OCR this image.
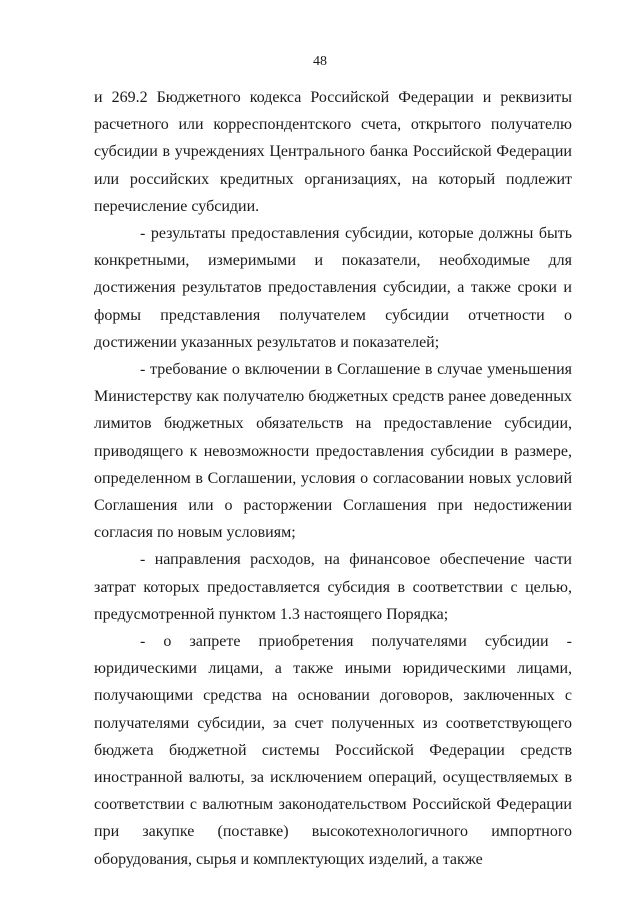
48

и 269.2 Бюджетного кодекса Российской Федерации и реквизиты расчетного или корреспондентского счета, открытого получателю субсидии в учреждениях Центрального банка Российской Федерации или российских кредитных организациях, на который подлежит перечисление субсидии.

- результаты предоставления субсидии, которые должны быть конкретными, измеримыми и показатели, необходимые для достижения результатов предоставления субсидии, а также сроки и формы представления получателем субсидии отчетности о достижении указанных результатов и показателей;

- требование о включении в Соглашение в случае уменьшения Министерству как получателю бюджетных средств ранее доведенных лимитов бюджетных обязательств на предоставление субсидии, приводящего к невозможности предоставления субсидии в размере, определенном в Соглашении, условия о согласовании новых условий Соглашения или о расторжении Соглашения при недостижении согласия по новым условиям;

- направления расходов, на финансовое обеспечение части затрат которых предоставляется субсидия в соответствии с целью, предусмотренной пунктом 1.3 настоящего Порядка;

- о запрете приобретения получателями субсидии - юридическими лицами, а также иными юридическими лицами, получающими средства на основании договоров, заключенных с получателями субсидии, за счет полученных из соответствующего бюджета бюджетной системы Российской Федерации средств иностранной валюты, за исключением операций, осуществляемых в соответствии с валютным законодательством Российской Федерации при закупке (поставке) высокотехнологичного импортного оборудования, сырья и комплектующих изделий, а также
